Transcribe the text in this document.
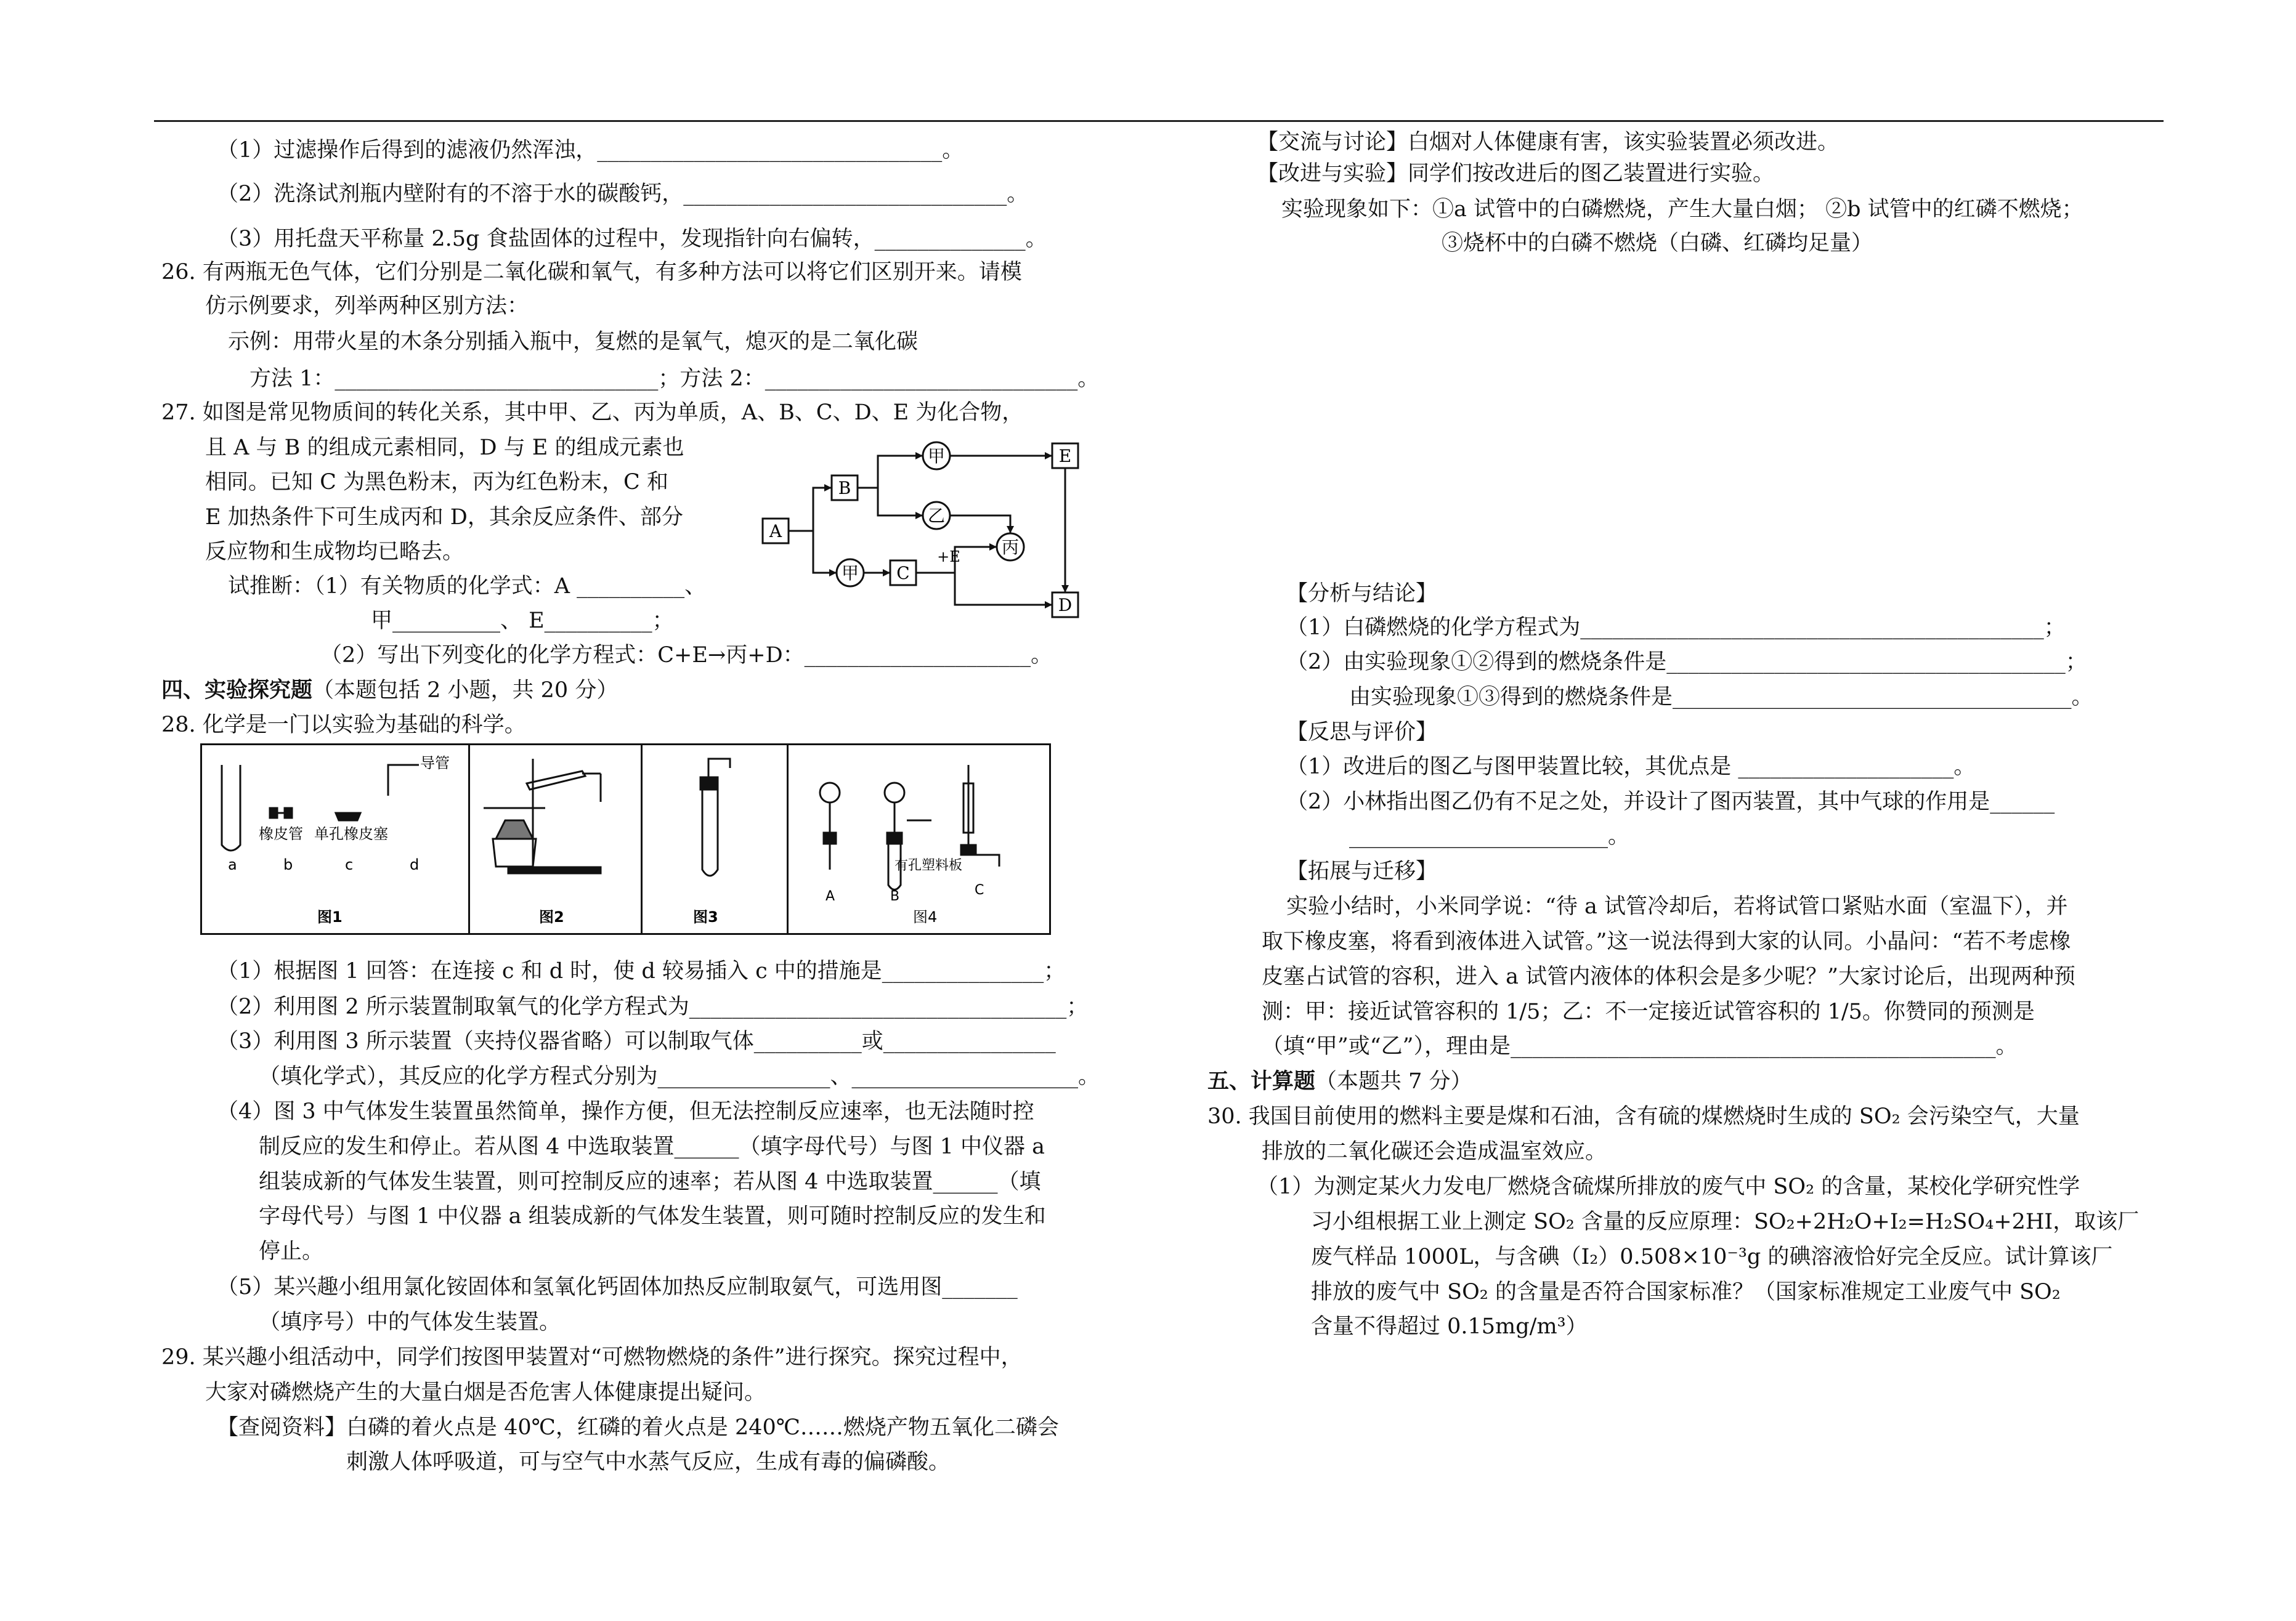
（1）过滤操作后得到的滤液仍然浑浊，________________________________。
（2）洗涤试剂瓶内壁附有的不溶于水的碳酸钙，______________________________。
（3）用托盘天平称量 2.5g 食盐固体的过程中，发现指针向右偏转，______________。
26. 有两瓶无色气体，它们分别是二氧化碳和氧气，有多种方法可以将它们区别开来。请模
仿示例要求，列举两种区别方法：
示例：用带火星的木条分别插入瓶中，复燃的是氧气，熄灭的是二氧化碳
方法 1：______________________________；方法 2：_____________________________。
27. 如图是常见物质间的转化关系，其中甲、乙、丙为单质，A、B、C、D、E 为化合物，
且 A 与 B 的组成元素相同，D 与 E 的组成元素也
相同。已知 C 为黑色粉末，丙为红色粉末，C 和
E 加热条件下可生成丙和 D，其余反应条件、部分
反应物和生成物均已略去。
试推断：（1）有关物质的化学式：A __________、
甲__________、 E__________；
（2）写出下列变化的化学方程式：C+E→丙+D：_____________________。
四、实验探究题（本题包括 2 小题，共 20 分）
28. 化学是一门以实验为基础的科学。
（1）根据图 1 回答：在连接 c 和 d 时，使 d 较易插入 c 中的措施是_______________；
（2）利用图 2 所示装置制取氧气的化学方程式为___________________________________；
（3）利用图 3 所示装置（夹持仪器省略）可以制取气体__________或________________
（填化学式），其反应的化学方程式分别为________________、_____________________。
（4）图 3 中气体发生装置虽然简单，操作方便，但无法控制反应速率，也无法随时控
制反应的发生和停止。若从图 4 中选取装置______（填字母代号）与图 1 中仪器 a
组装成新的气体发生装置，则可控制反应的速率；若从图 4 中选取装置______（填
字母代号）与图 1 中仪器 a 组装成新的气体发生装置，则可随时控制反应的发生和
停止。
（5）某兴趣小组用氯化铵固体和氢氧化钙固体加热反应制取氨气，可选用图_______
（填序号）中的气体发生装置。
29. 某兴趣小组活动中，同学们按图甲装置对“可燃物燃烧的条件”进行探究。探究过程中，
大家对磷燃烧产生的大量白烟是否危害人体健康提出疑问。
【查阅资料】白磷的着火点是 40℃，红磷的着火点是 240℃……燃烧产物五氧化二磷会
刺激人体呼吸道，可与空气中水蒸气反应，生成有毒的偏磷酸。
A
B
C
E
D
甲
乙
丙
甲
+E
橡皮管 单孔橡皮塞
导管
a	b	c	d
图1	图2	图3
有孔塑料板
A	B	C
图4
【交流与讨论】白烟对人体健康有害，该实验装置必须改进。
【改进与实验】同学们按改进后的图乙装置进行实验。
实验现象如下：①a 试管中的白磷燃烧，产生大量白烟； ②b 试管中的红磷不燃烧；
③烧杯中的白磷不燃烧（白磷、红磷均足量）
【分析与结论】
（1）白磷燃烧的化学方程式为___________________________________________；
（2）由实验现象①②得到的燃烧条件是_____________________________________；
由实验现象①③得到的燃烧条件是_____________________________________。
【反思与评价】
（1）改进后的图乙与图甲装置比较，其优点是 ____________________。
（2）小林指出图乙仍有不足之处，并设计了图丙装置，其中气球的作用是______
________________________。
【拓展与迁移】
实验小结时，小米同学说：“待 a 试管冷却后，若将试管口紧贴水面（室温下），并
取下橡皮塞，将看到液体进入试管。”这一说法得到大家的认同。小晶问：“若不考虑橡
皮塞占试管的容积，进入 a 试管内液体的体积会是多少呢？”大家讨论后，出现两种预
测：甲：接近试管容积的 1/5；乙：不一定接近试管容积的 1/5。你赞同的预测是
（填“甲”或“乙”），理由是_____________________________________________。
五、计算题（本题共 7 分）
30. 我国目前使用的燃料主要是煤和石油，含有硫的煤燃烧时生成的 SO₂ 会污染空气，大量
排放的二氧化碳还会造成温室效应。
（1）为测定某火力发电厂燃烧含硫煤所排放的废气中 SO₂ 的含量，某校化学研究性学
习小组根据工业上测定 SO₂ 含量的反应原理：SO₂+2H₂O+I₂=H₂SO₄+2HI，取该厂
废气样品 1000L，与含碘（I₂）0.508×10⁻³g 的碘溶液恰好完全反应。试计算该厂
排放的废气中 SO₂ 的含量是否符合国家标准？（国家标准规定工业废气中 SO₂
含量不得超过 0.15mg/m³）
